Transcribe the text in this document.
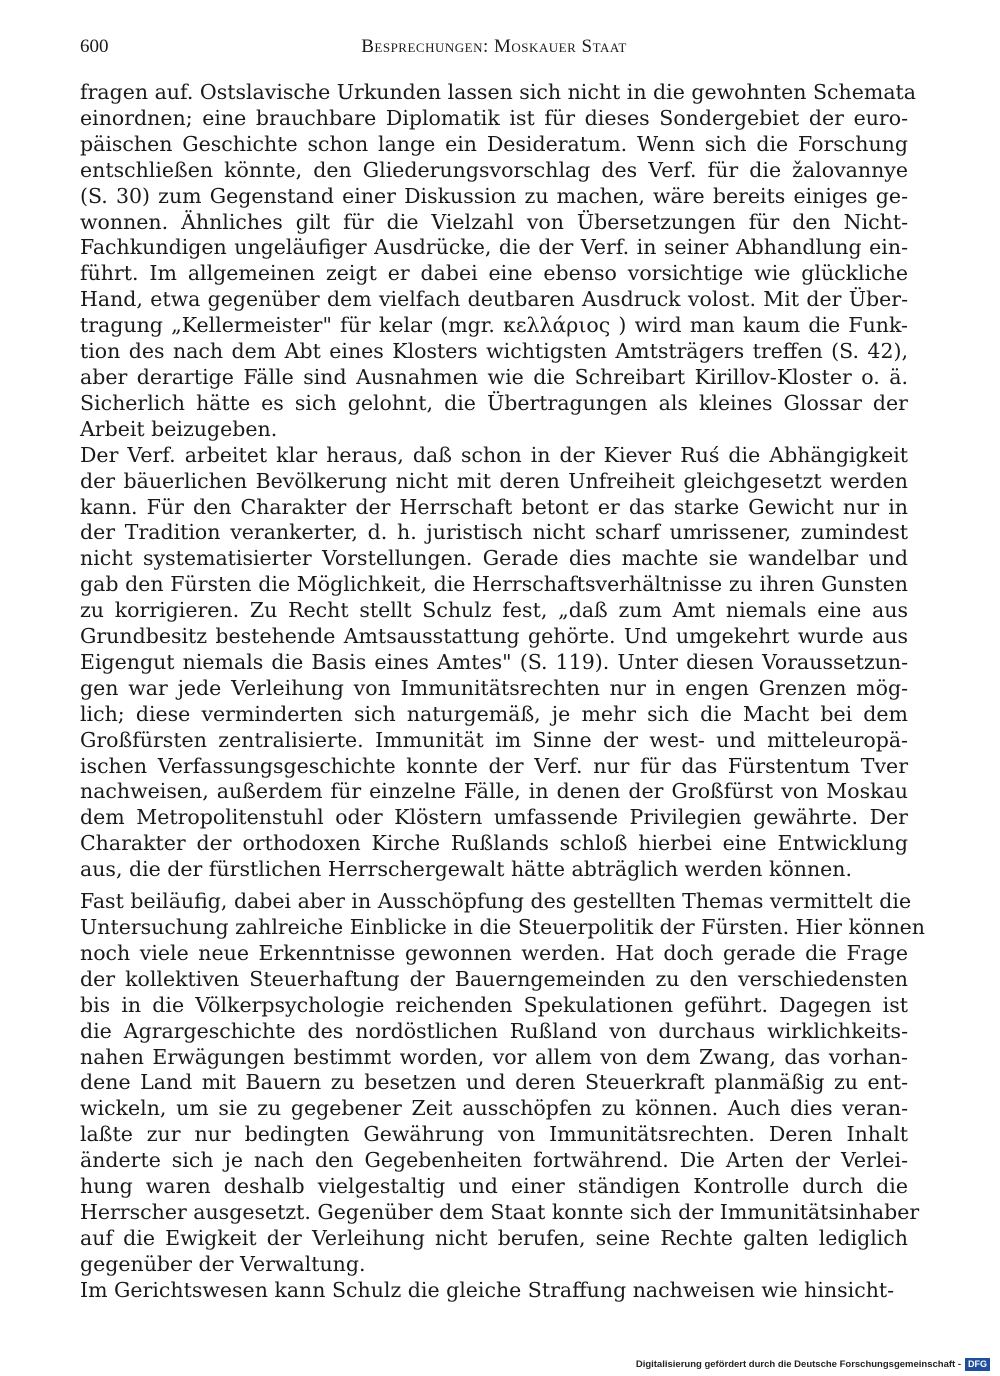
600	Besprechungen: Moskauer Staat
fragen auf. Ostslavische Urkunden lassen sich nicht in die gewohnten Schemata
einordnen; eine brauchbare Diplomatik ist für dieses Sondergebiet der euro-
päischen Geschichte schon lange ein Desideratum. Wenn sich die Forschung
entschließen könnte, den Gliederungsvorschlag des Verf. für die žalovannye
(S. 30) zum Gegenstand einer Diskussion zu machen, wäre bereits einiges ge-
wonnen. Ähnliches gilt für die Vielzahl von Übersetzungen für den Nicht-
Fachkundigen ungeläufiger Ausdrücke, die der Verf. in seiner Abhandlung ein-
führt. Im allgemeinen zeigt er dabei eine ebenso vorsichtige wie glückliche
Hand, etwa gegenüber dem vielfach deutbaren Ausdruck volost. Mit der Über-
tragung „Kellermeister" für kelar (mgr. κελλάριος ) wird man kaum die Funk-
tion des nach dem Abt eines Klosters wichtigsten Amtsträgers treffen (S. 42),
aber derartige Fälle sind Ausnahmen wie die Schreibart Kirillov-Kloster o. ä.
Sicherlich hätte es sich gelohnt, die Übertragungen als kleines Glossar der
Arbeit beizugeben.
Der Verf. arbeitet klar heraus, daß schon in der Kiever Ruś die Abhängigkeit
der bäuerlichen Bevölkerung nicht mit deren Unfreiheit gleichgesetzt werden
kann. Für den Charakter der Herrschaft betont er das starke Gewicht nur in
der Tradition verankerter, d. h. juristisch nicht scharf umrissener, zumindest
nicht systematisierter Vorstellungen. Gerade dies machte sie wandelbar und
gab den Fürsten die Möglichkeit, die Herrschaftsverhältnisse zu ihren Gunsten
zu korrigieren. Zu Recht stellt Schulz fest, „daß zum Amt niemals eine aus
Grundbesitz bestehende Amtsausstattung gehörte. Und umgekehrt wurde aus
Eigengut niemals die Basis eines Amtes" (S. 119). Unter diesen Voraussetzun-
gen war jede Verleihung von Immunitätsrechten nur in engen Grenzen mög-
lich; diese verminderten sich naturgemäß, je mehr sich die Macht bei dem
Großfürsten zentralisierte. Immunität im Sinne der west- und mitteleuropä-
ischen Verfassungsgeschichte konnte der Verf. nur für das Fürstentum Tver
nachweisen, außerdem für einzelne Fälle, in denen der Großfürst von Moskau
dem Metropolitenstuhl oder Klöstern umfassende Privilegien gewährte. Der
Charakter der orthodoxen Kirche Rußlands schloß hierbei eine Entwicklung
aus, die der fürstlichen Herrschergewalt hätte abträglich werden können.
Fast beiläufig, dabei aber in Ausschöpfung des gestellten Themas vermittelt die
Untersuchung zahlreiche Einblicke in die Steuerpolitik der Fürsten. Hier können
noch viele neue Erkenntnisse gewonnen werden. Hat doch gerade die Frage
der kollektiven Steuerhaftung der Bauerngemeinden zu den verschiedensten
bis in die Völkerpsychologie reichenden Spekulationen geführt. Dagegen ist
die Agrargeschichte des nordöstlichen Rußland von durchaus wirklichkeits-
nahen Erwägungen bestimmt worden, vor allem von dem Zwang, das vorhan-
dene Land mit Bauern zu besetzen und deren Steuerkraft planmäßig zu ent-
wickeln, um sie zu gegebener Zeit ausschöpfen zu können. Auch dies veran-
laßte zur nur bedingten Gewährung von Immunitätsrechten. Deren Inhalt
änderte sich je nach den Gegebenheiten fortwährend. Die Arten der Verlei-
hung waren deshalb vielgestaltig und einer ständigen Kontrolle durch die
Herrscher ausgesetzt. Gegenüber dem Staat konnte sich der Immunitätsinhaber
auf die Ewigkeit der Verleihung nicht berufen, seine Rechte galten lediglich
gegenüber der Verwaltung.
Im Gerichtswesen kann Schulz die gleiche Straffung nachweisen wie hinsicht-
Digitalisierung gefördert durch die Deutsche Forschungsgemeinschaft - DFG
